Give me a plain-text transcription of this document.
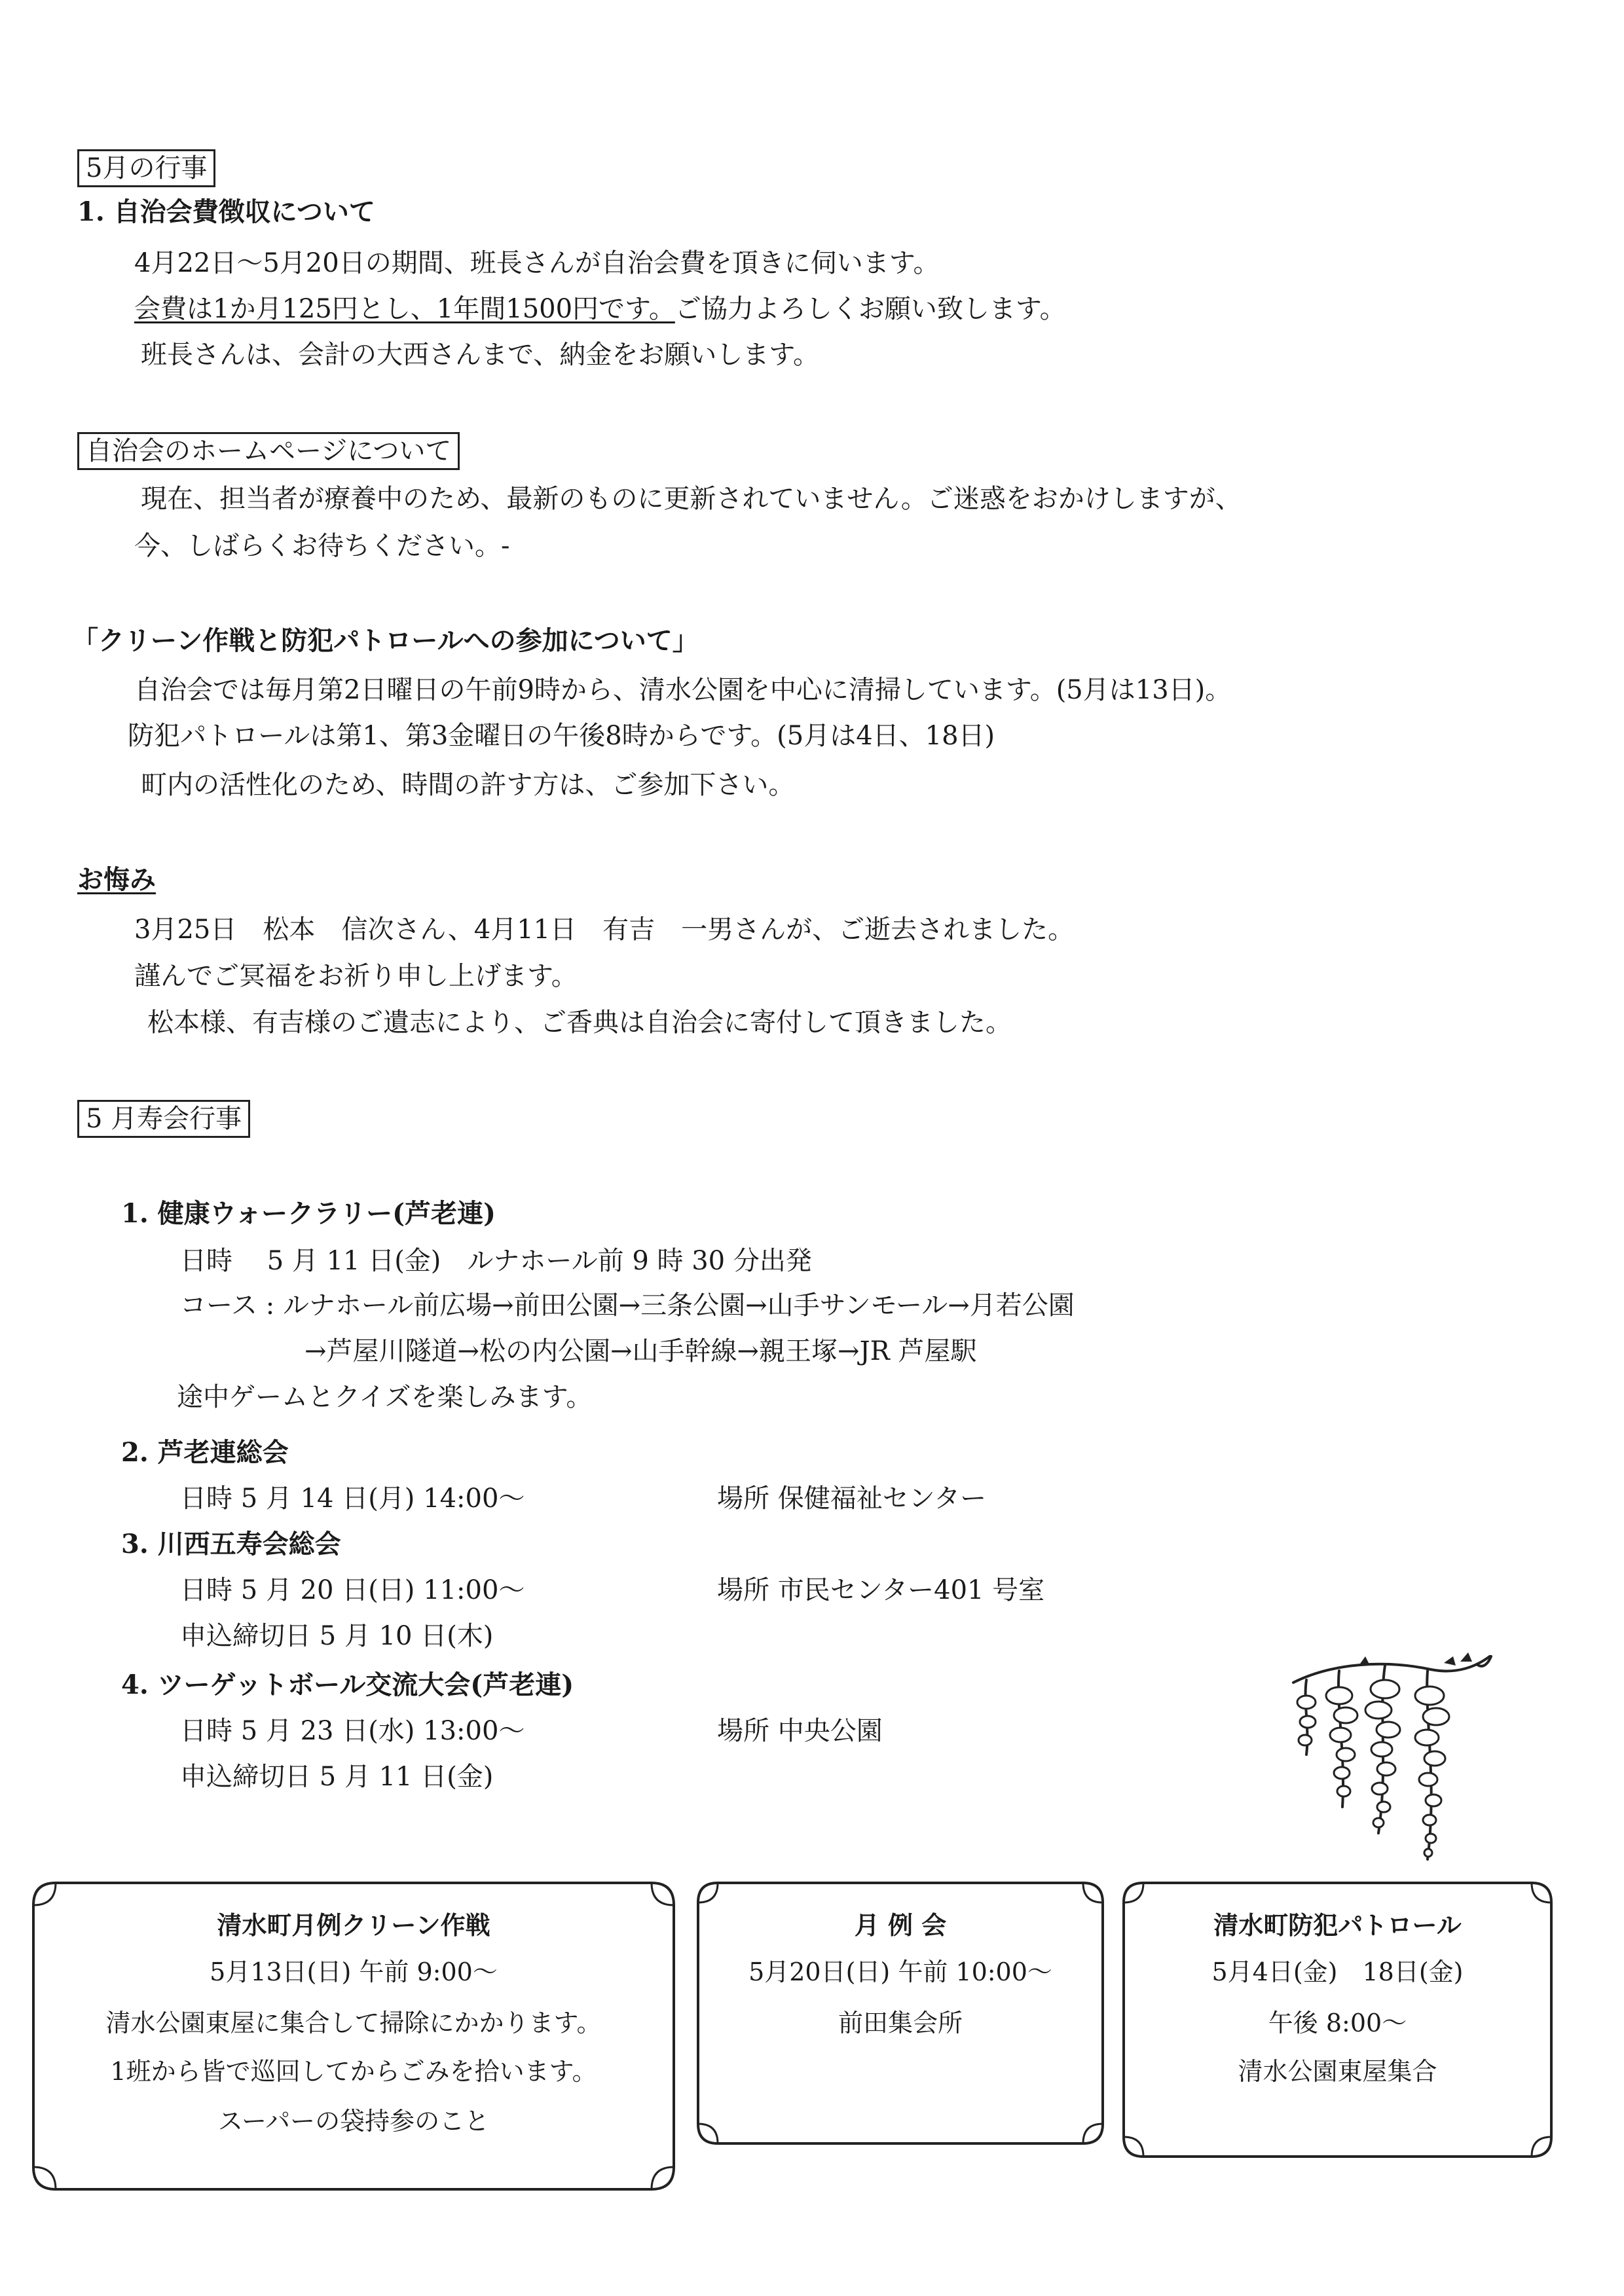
5月の行事
1. 自治会費徴収について
4月22日～5月20日の期間、班長さんが自治会費を頂きに伺います。
会費は1か月125円とし、1年間1500円です。ご協力よろしくお願い致します。
班長さんは、会計の大西さんまで、納金をお願いします。
自治会のホームページについて
現在、担当者が療養中のため、最新のものに更新されていません。ご迷惑をおかけしますが、
今、しばらくお待ちください。-
「クリーン作戦と防犯パトロールへの参加について」
自治会では毎月第2日曜日の午前9時から、清水公園を中心に清掃しています。(5月は13日)。
防犯パトロールは第1、第3金曜日の午後8時からです。(5月は4日、18日)
町内の活性化のため、時間の許す方は、ご参加下さい。
お悔み
3月25日　松本　信次さん、4月11日　有吉　一男さんが、ご逝去されました。
謹んでご冥福をお祈り申し上げます。
松本様、有吉様のご遺志により、ご香典は自治会に寄付して頂きました。
5 月寿会行事
1. 健康ウォークラリー(芦老連)
日時　 5 月 11 日(金)　ルナホール前 9 時 30 分出発
コース : ルナホール前広場→前田公園→三条公園→山手サンモール→月若公園
→芦屋川隧道→松の内公園→山手幹線→親王塚→JR 芦屋駅
途中ゲームとクイズを楽しみます。
2. 芦老連総会
日時 5 月 14 日(月) 14:00～	場所 保健福祉センター
3. 川西五寿会総会
日時 5 月 20 日(日) 11:00～	場所 市民センター401 号室
申込締切日 5 月 10 日(木)
4. ツーゲットボール交流大会(芦老連)
日時 5 月 23 日(水) 13:00～	場所 中央公園
申込締切日 5 月 11 日(金)
清水町月例クリーン作戦
5月13日(日) 午前 9:00～
清水公園東屋に集合して掃除にかかります。
1班から皆で巡回してからごみを拾います。
スーパーの袋持参のこと
月 例 会
5月20日(日) 午前 10:00～
前田集会所
清水町防犯パトロール
5月4日(金)　18日(金)
午後 8:00～
清水公園東屋集合
